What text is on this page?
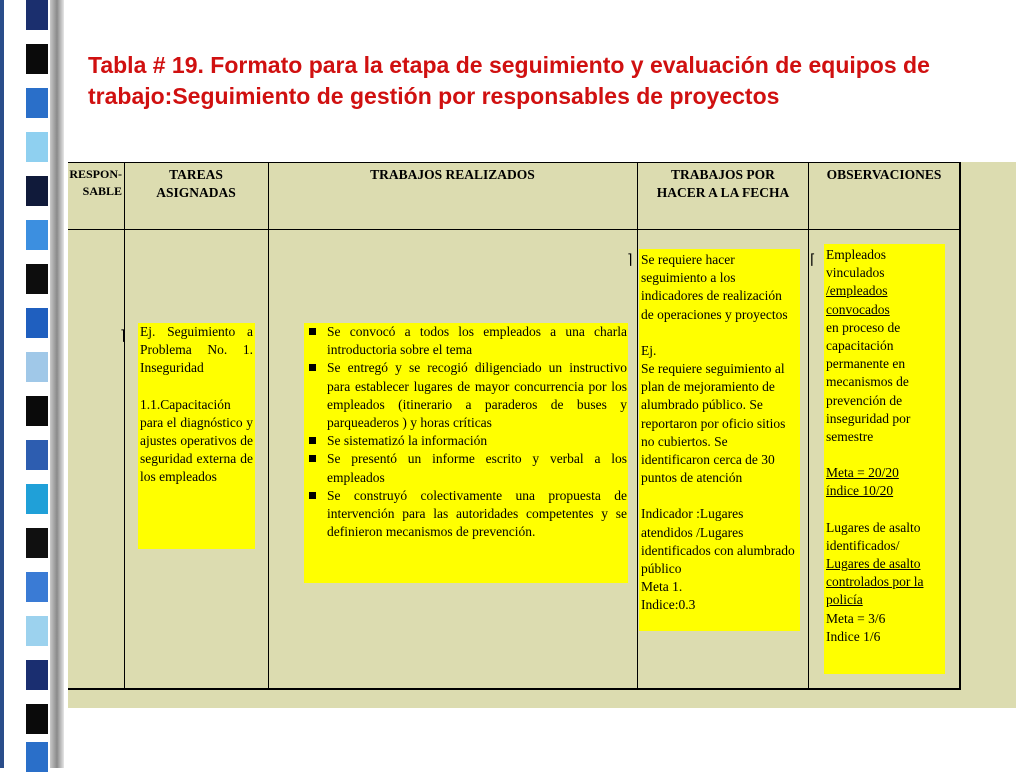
Tabla # 19. Formato para la etapa de seguimiento y evaluación de equipos de trabajo:Seguimiento de gestión por responsables de proyectos
RESPON-
SABLE
TAREAS ASIGNADAS
TRABAJOS REALIZADOS	TRABAJOS POR HACER A LA FECHA
OBSERVACIONES
⌉
⌉	⌈

Ej. Seguimiento a Problema No. 1. Inseguridad

1.1.Capacitación para el diagnóstico y ajustes operativos de seguridad externa de los empleados

Se convocó a todos los empleados a una charla introductoria sobre el tema
Se entregó y se recogió diligenciado un instructivo para establecer lugares de mayor concurrencia por los empleados (itinerario a paraderos de buses y parqueaderos ) y horas críticas
Se sistematizó la información
Se presentó un informe escrito y verbal a los empleados
Se construyó colectivamente una propuesta de intervención para las autoridades competentes y se definieron mecanismos de prevención.

Se requiere hacer seguimiento a los indicadores de realización de operaciones y proyectos

Ej.

Se requiere seguimiento al plan de mejoramiento de alumbrado público. Se reportaron por oficio sitios no cubiertos. Se identificaron cerca de 30 puntos de atención

Indicador :Lugares atendidos /Lugares identificados con alumbrado público

Meta 1.

Indice:0.3

Empleados vinculados

/empleados convocados

en proceso de capacitación permanente en mecanismos de prevención de inseguridad por semestre

Meta = 20/20

índice 10/20

Lugares de asalto identificados/

Lugares de asalto controlados por la policía

Meta = 3/6

Indice 1/6
